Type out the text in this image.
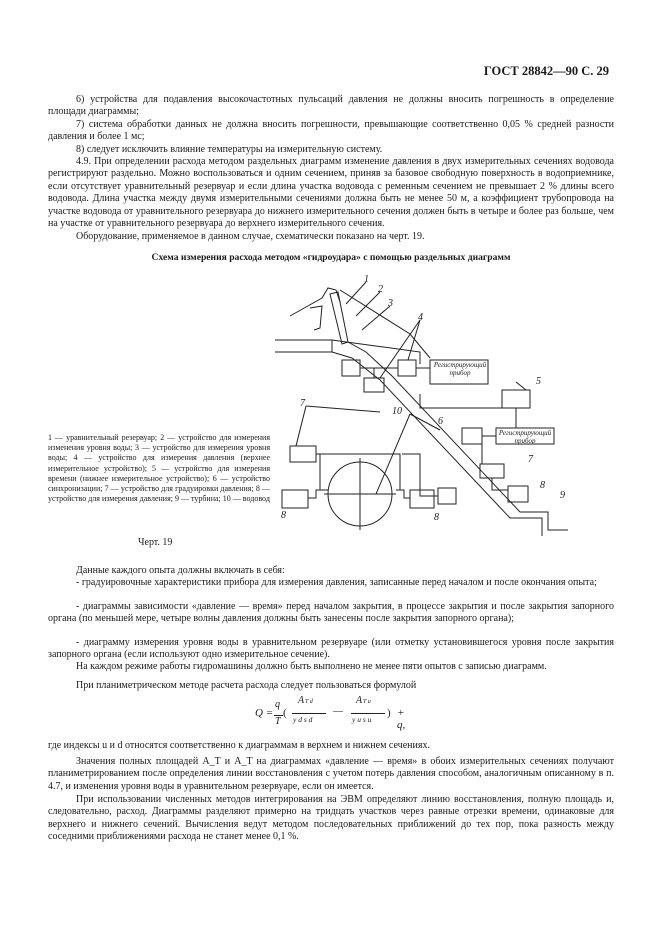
ГОСТ 28842—90 С. 29

6) устройства для подавления высокочастотных пульсаций давления не должны вносить погрешность в определение площади диаграммы;

7) система обработки данных не должна вносить погрешности, превышающие соответственно 0,05 % средней разности давления и более 1 мс;

8) следует исключить влияние температуры на измерительную систему.

4.9. При определении расхода методом раздельных диаграмм изменение давления в двух измерительных сечениях водовода регистрируют раздельно. Можно воспользоваться и одним сечением, приняв за базовое свободную поверхность в водоприемнике, если отсутствует уравнительный резервуар и если длина участка водовода с ременным сечением не превышает 2 % длины всего водовода. Длина участка между двумя измерительными сечениями должна быть не менее 50 м, а коэффициент трубопровода на участке водовода от уравнительного резервуара до нижнего измерительного сечения должен быть в четыре и более раз больше, чем на участке от уравнительного резервуара до верхнего измерительного сечения.

Оборудование, применяемое в данном случае, схематически показано на черт. 19.

Схема измерения расхода методом «гидроудара» с помощью раздельных диаграмм
1
2
3
4
5
6
7
7
8	8
8
9
10
Регистрирующий прибор
Регистрирующий прибор

1 — уравнительный резервуар; 2 — устройство для измерения изменения уровня воды; 3 — устройство для измерения уровня воды; 4 — устройство для измерения давления (верхнее измерительное устройство); 5 — устройство для измерения времени (нижнее измерительное устройство); 6 — устройство синхронизации; 7 — устройство для градуировки давления; 8 — устройство для измерения давления; 9 — турбина; 10 — водовод

Черт. 19

Данные каждого опыта должны включать в себя:

- градуировочные характеристики прибора для измерения давления, записанные перед началом и после окончания опыта;

- диаграммы зависимости «давление — время» перед началом закрытия, в процессе закрытия и после закрытия запорного органа (по меньшей мере, четыре волны давления должны быть занесены после закрытия запорного органа);

- диаграмму измерения уровня воды в уравнительном резервуаре (или отметку установившегося уровня после закрытия запорного органа (если используют одно измерительное сечение).

На каждом режиме работы гидромашины должно быть выполнено не менее пяти опытов с записью диаграмм.

При планиметрическом методе расчета расхода следует пользоваться формулой

Q =
q
T
(
A T d
y d s d
—
A T u
y u s u
) + q,

где индексы u и d относятся соответственно к диаграммам в верхнем и нижнем сечениях.

Значения полных площадей A_T и A_T на диаграммах «давление — время» в обоих измерительных сечениях получают планиметрированием после определения линии восстановления с учетом потерь давления способом, аналогичным описанному в п. 4.7, и изменения уровня воды в уравнительном резервуаре, если он имеется.

При использовании численных методов интегрирования на ЭВМ определяют линию восстановления, полную площадь и, следовательно, расход. Диаграммы разделяют примерно на тридцать участков через равные отрезки времени, одинаковые для верхнего и нижнего сечений. Вычисления ведут методом последовательных приближений до тех пор, пока разность между соседними приближениями расхода не станет менее 0,1 %.
